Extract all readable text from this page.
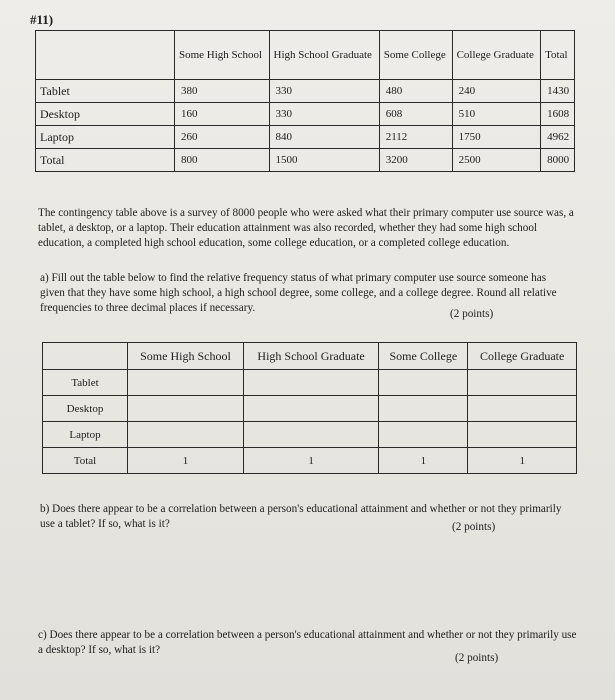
#11)
	Some High School	High School Graduate	Some College	College Graduate	Total
Tablet	380	330	480	240	1430
Desktop	160	330	608	510	1608
Laptop	260	840	2112	1750	4962
Total	800	1500	3200	2500	8000
The contingency table above is a survey of 8000 people who were asked what their primary computer use source was, a tablet, a desktop, or a laptop. Their education attainment was also recorded, whether they had some high school education, a completed high school education, some college education, or a completed college education.
a) Fill out the table below to find the relative frequency status of what primary computer use source someone has given that they have some high school, a high school degree, some college, and a college degree. Round all relative frequencies to three decimal places if necessary.	(2 points)
	Some High School	High School Graduate	Some College	College Graduate
Tablet				
Desktop				
Laptop				
Total	1	1	1	1
b) Does there appear to be a correlation between a person's educational attainment and whether or not they primarily use a tablet? If so, what is it?	(2 points)
c) Does there appear to be a correlation between a person's educational attainment and whether or not they primarily use a desktop? If so, what is it?
(2 points)
